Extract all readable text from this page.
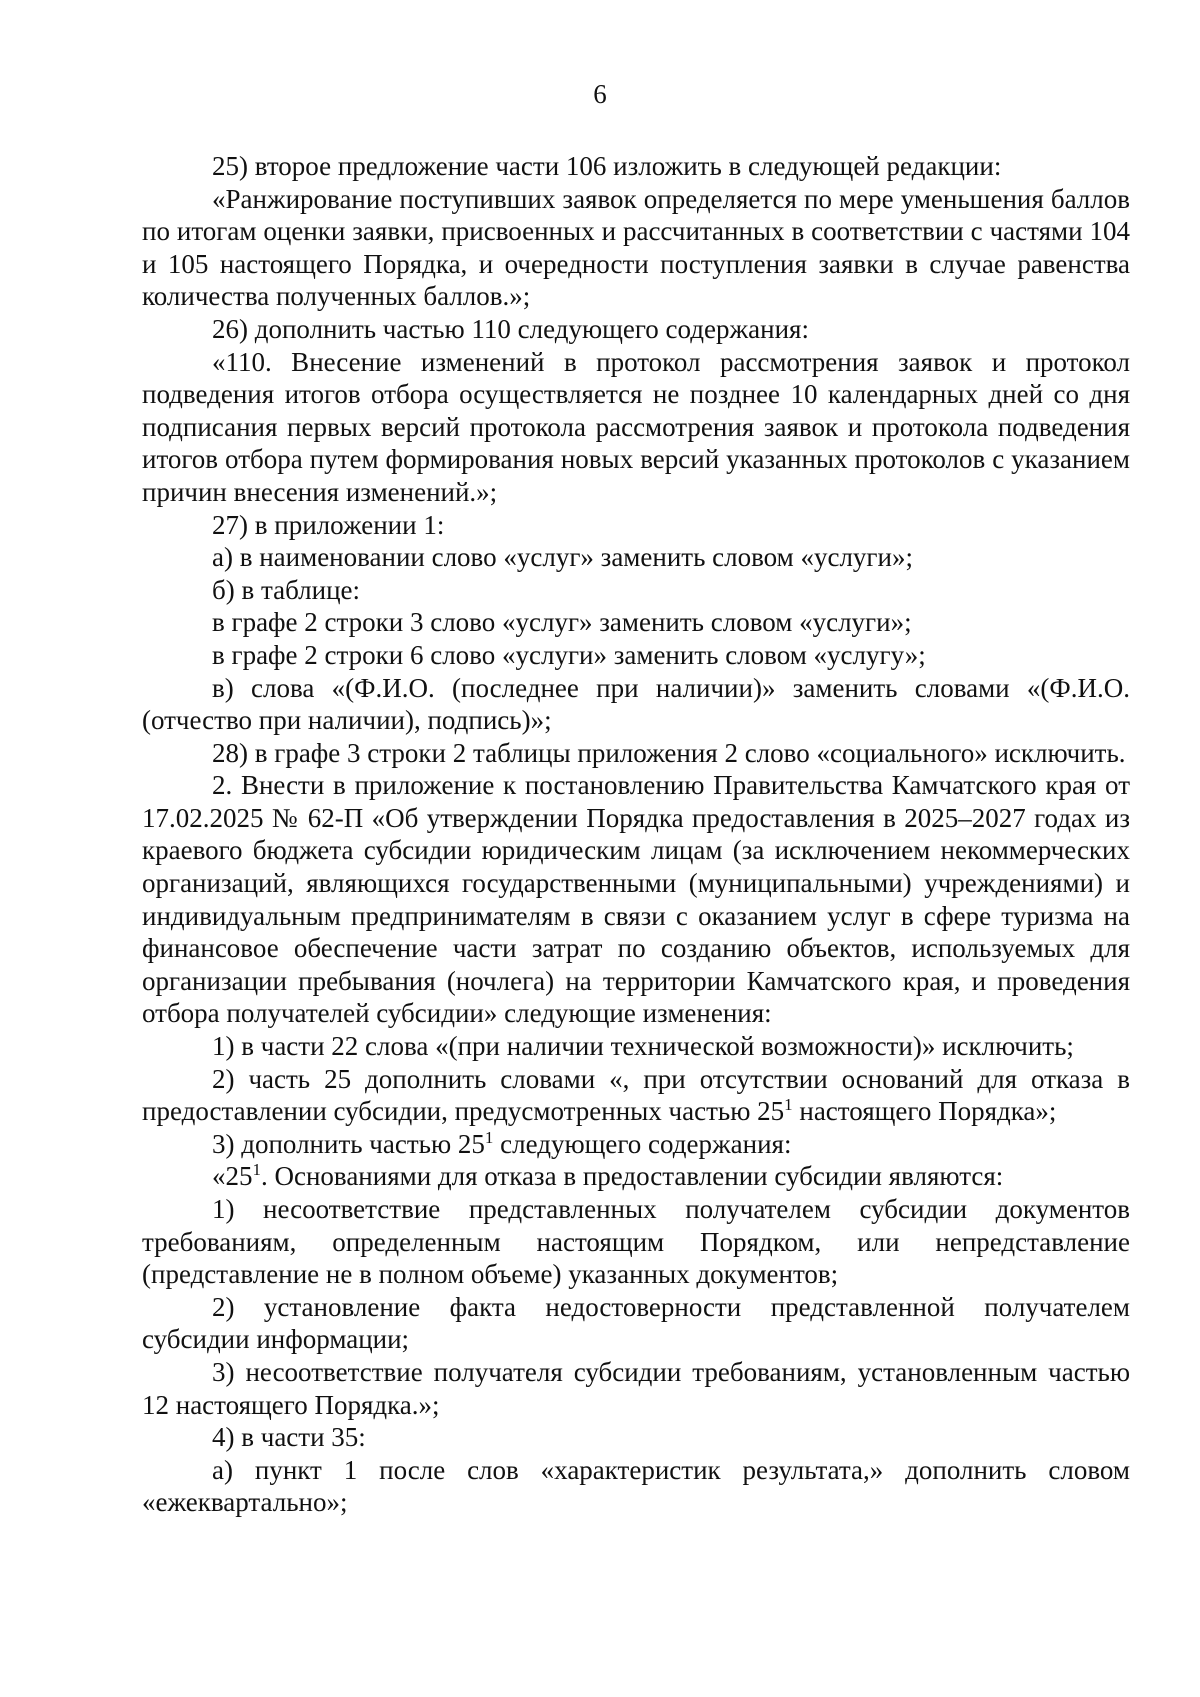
6

25) второе предложение части 106 изложить в следующей редакции:

«Ранжирование поступивших заявок определяется по мере уменьшения баллов по итогам оценки заявки, присвоенных и рассчитанных в соответствии с частями 104 и 105 настоящего Порядка, и очередности поступления заявки в случае равенства количества полученных баллов.»;

26) дополнить частью 110 следующего содержания:

«110. Внесение изменений в протокол рассмотрения заявок и протокол подведения итогов отбора осуществляется не позднее 10 календарных дней со дня подписания первых версий протокола рассмотрения заявок и протокола подведения итогов отбора путем формирования новых версий указанных протоколов с указанием причин внесения изменений.»;

27) в приложении 1:

а) в наименовании слово «услуг» заменить словом «услуги»;

б) в таблице:

в графе 2 строки 3 слово «услуг» заменить словом «услуги»;

в графе 2 строки 6 слово «услуги» заменить словом «услугу»;

в) слова «(Ф.И.О. (последнее при наличии)» заменить словами «(Ф.И.О. (отчество при наличии), подпись)»;

28) в графе 3 строки 2 таблицы приложения 2 слово «социального» исключить.

2. Внести в приложение к постановлению Правительства Камчатского края от 17.02.2025 № 62-П «Об утверждении Порядка предоставления в 2025–2027 годах из краевого бюджета субсидии юридическим лицам (за исключением некоммерческих организаций, являющихся государственными (муниципальными) учреждениями) и индивидуальным предпринимателям в связи с оказанием услуг в сфере туризма на финансовое обеспечение части затрат по созданию объектов, используемых для организации пребывания (ночлега) на территории Камчатского края, и проведения отбора получателей субсидии» следующие изменения:

1) в части 22 слова «(при наличии технической возможности)» исключить;

2) часть 25 дополнить словами «, при отсутствии оснований для отказа в предоставлении субсидии, предусмотренных частью $25^1$ настоящего Порядка»;

3) дополнить частью $25^1$ следующего содержания:

«$25^1$. Основаниями для отказа в предоставлении субсидии являются:

1) несоответствие представленных получателем субсидии документов требованиям, определенным настоящим Порядком, или непредставление (представление не в полном объеме) указанных документов;

2) установление факта недостоверности представленной получателем субсидии информации;

3) несоответствие получателя субсидии требованиям, установленным частью 12 настоящего Порядка.»;

4) в части 35:

а) пункт 1 после слов «характеристик результата,» дополнить словом «ежеквартально»;
